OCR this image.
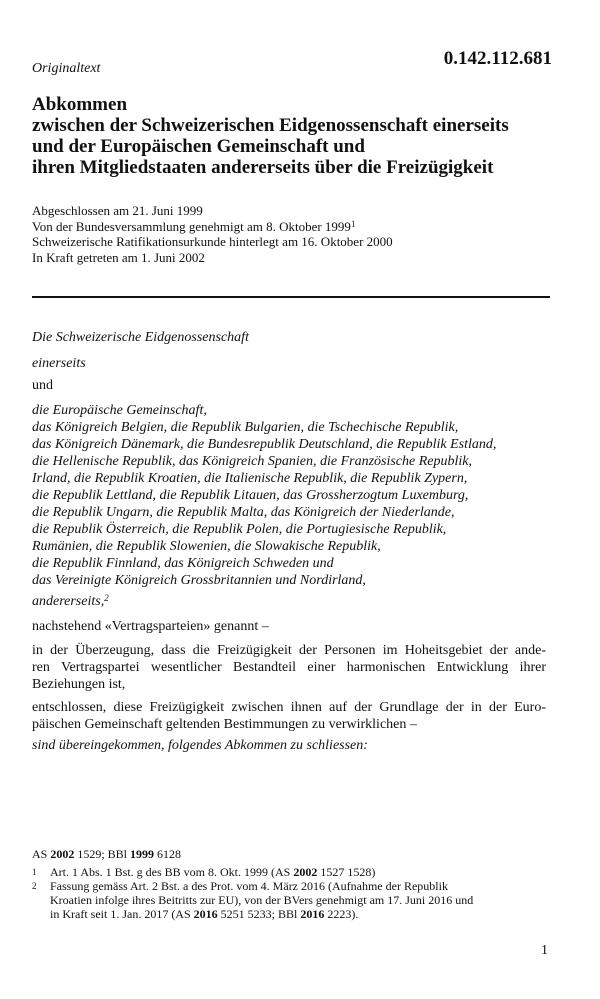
Originaltext	0.142.112.681
Abkommen
zwischen der Schweizerischen Eidgenossenschaft einerseits
und der Europäischen Gemeinschaft und
ihren Mitgliedstaaten andererseits über die Freizügigkeit
Abgeschlossen am 21. Juni 1999
Von der Bundesversammlung genehmigt am 8. Oktober 1999$^1$
Schweizerische Ratifikationsurkunde hinterlegt am 16. Oktober 2000
In Kraft getreten am 1. Juni 2002

Die Schweizerische Eidgenossenschaft

einerseits

und

die Europäische Gemeinschaft,
das Königreich Belgien, die Republik Bulgarien, die Tschechische Republik,
das Königreich Dänemark, die Bundesrepublik Deutschland, die Republik Estland,
die Hellenische Republik, das Königreich Spanien, die Französische Republik,
Irland, die Republik Kroatien, die Italienische Republik, die Republik Zypern,
die Republik Lettland, die Republik Litauen, das Grossherzogtum Luxemburg,
die Republik Ungarn, die Republik Malta, das Königreich der Niederlande,
die Republik Österreich, die Republik Polen, die Portugiesische Republik,
Rumänien, die Republik Slowenien, die Slowakische Republik,
die Republik Finnland, das Königreich Schweden und
das Vereinigte Königreich Grossbritannien und Nordirland,

andererseits,$^2$

nachstehend «Vertragsparteien» genannt –

in der Überzeugung, dass die Freizügigkeit der Personen im Hoheitsgebiet der ande-
ren Vertragspartei wesentlicher Bestandteil einer harmonischen Entwicklung ihrer
Beziehungen ist,
entschlossen, diese Freizügigkeit zwischen ihnen auf der Grundlage der in der Euro-
päischen Gemeinschaft geltenden Bestimmungen zu verwirklichen –

sind übereingekommen, folgendes Abkommen zu schliessen:

AS 2002 1529; BBl 1999 6128
1	Art. 1 Abs. 1 Bst. g des BB vom 8. Okt. 1999 (AS 2002 1527 1528)
2	Fassung gemäss Art. 2 Bst. a des Prot. vom 4. März 2016 (Aufnahme der Republik
Kroatien infolge ihres Beitritts zur EU), von der BVers genehmigt am 17. Juni 2016 und
in Kraft seit 1. Jan. 2017 (AS 2016 5251 5233; BBl 2016 2223).
1
